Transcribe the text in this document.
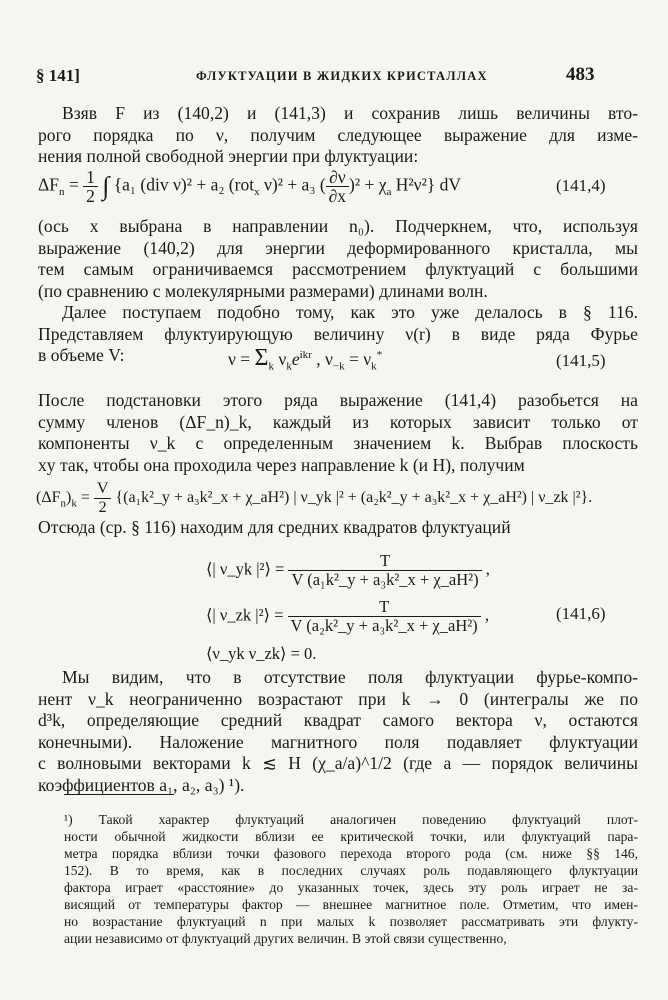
§ 141]	ФЛУКТУАЦИИ В ЖИДКИХ КРИСТАЛЛАХ	483
Взяв F из (140,2) и (141,3) и сохранив лишь величины вто-
рого порядка по ν, получим следующее выражение для изме-
нения полной свободной энергии при флуктуации:
$\Delta F_n = \frac{1}{2}$ ∫ {a₁ (div ν)² + a₂ (rot$_x$ ν)² + a₃ ( $\frac{\partial\nu}{\partial x} )^2 + \chi_a$ H²ν²} dV	(141,4)
(ось x выбрана в направлении n₀). Подчеркнем, что, используя
выражение (140,2) для энергии деформированного кристалла, мы
тем самым ограничиваемся рассмотрением флуктуаций с большими
(по сравнению с молекулярными размерами) длинами волн.
Далее поступаем подобно тому, как это уже делалось в § 116.
Представляем флуктуирующую величину ν(r) в виде ряда Фурье
в объеме V:	$\nu = \Sigma_k$ $\nu_ke^{ikr}$ , $\nu_{-k} = \nu_k^*$	(141,5)
После подстановки этого ряда выражение (141,4) разобьется на
сумму членов (ΔF_n)_k, каждый из которых зависит только от
компоненты ν_k с определенным значением k. Выбрав плоскость
xy так, чтобы она проходила через направление k (и H), получим
$(\Delta F_n)_k = \frac{V}{2}$ {(a₁k²_y + a₃k²_x + χ_aH²) | ν_yk |² + (a₂k²_y + a₃k²_x + χ_aH²) | ν_zk |²}.
Отсюда (ср. § 116) находим для средних квадратов флуктуаций
⟨| ν_yk |²⟩ = $\frac{T}{\text{V (a₁k²\_y + a₃k²\_x + χ\_aH²)}}$ ,
⟨| ν_zk |²⟩ = $\frac{T}{\text{V (a₂k²\_y + a₃k²\_x + χ\_aH²)}}$ ,
⟨ν_yk ν_zk⟩ = 0.
(141,6)
Мы видим, что в отсутствие поля флуктуации фурье-компо-
нент ν_k неограниченно возрастают при k → 0 (интегралы же по
d³k, определяющие средний квадрат самого вектора ν, остаются
конечными). Наложение магнитного поля подавляет флуктуации
с волновыми векторами k ≲ H (χ_a/a)^1/2 (где a — порядок величины
коэффициентов a₁, a₂, a₃) ¹).
¹) Такой характер флуктуаций аналогичен поведению флуктуаций плот-
ности обычной жидкости вблизи ее критической точки, или флуктуаций пара-
метра порядка вблизи точки фазового перехода второго рода (см. ниже §§ 146,
152). В то время, как в последних случаях роль подавляющего флуктуации
фактора играет «расстояние» до указанных точек, здесь эту роль играет не за-
висящий от температуры фактор — внешнее магнитное поле. Отметим, что имен-
но возрастание флуктуаций n при малых k позволяет рассматривать эти флукту-
ации независимо от флуктуаций других величин. В этой связи существенно,
